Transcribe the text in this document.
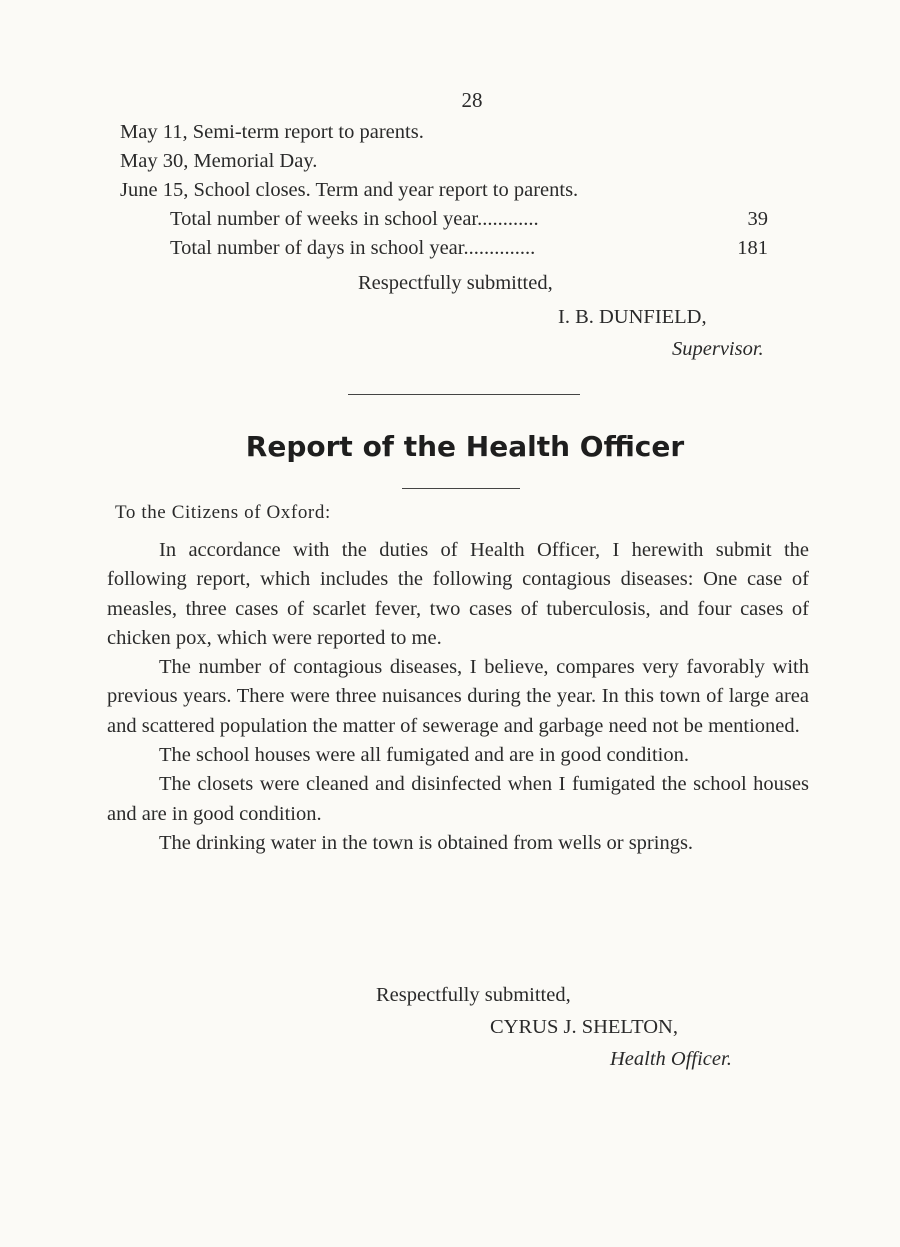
28
May 11, Semi-term report to parents.
May 30, Memorial Day.
June 15, School closes. Term and year report to parents.
Total number of weeks in school year............	39
Total number of days in school year..............	181
Respectfully submitted,
I. B. DUNFIELD,
Supervisor.
Report of the Health Officer
To the Citizens of Oxford:

In accordance with the duties of Health Officer, I herewith submit the following report, which includes the following contagious diseases: One case of measles, three cases of scarlet fever, two cases of tuberculosis, and four cases of chicken pox, which were reported to me.

The number of contagious diseases, I believe, compares very favorably with previous years. There were three nuisances during the year. In this town of large area and scattered population the matter of sewerage and garbage need not be mentioned.

The school houses were all fumigated and are in good condition.

The closets were cleaned and disinfected when I fumigated the school houses and are in good condition.

The drinking water in the town is obtained from wells or springs.

Respectfully submitted,
CYRUS J. SHELTON,
Health Officer.
